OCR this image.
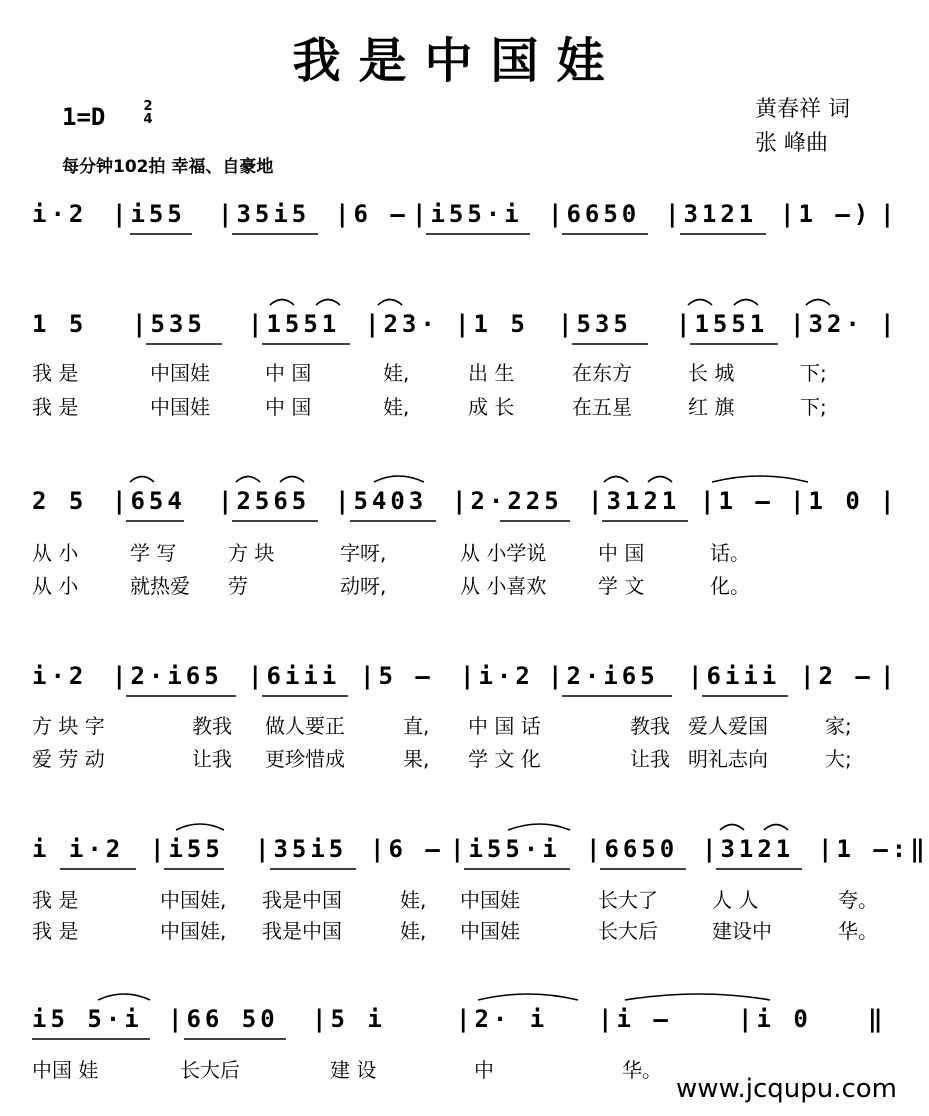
我是中国娃
1=D	2
4
每分钟102拍 幸福、自豪地
黄春祥 词
张 峰曲
i·2 |i55 |35i5 |6 – |i55·i |6650 |3121 |1 –) |
1 5 |535 |1551 |23· |1 5 |535 |1551 |32· |
我 是	中国娃	中 国	娃,	出 生	在东方	长 城	下;
我 是	中国娃	中 国	娃,	成 长	在五星	红 旗	下;
2 5 |654 |2565 |5403 |2·225 |3121 |1 – |1 0 |
从 小	学 写	方 块	字呀,	从 小学说	中 国	话。
从 小	就热爱 劳	动呀,	从 小喜欢	学 文	化。
i·2 |2·i65 |6iii |5 – |i·2 |2·i65 |6iii |2 – |
方 块 字	教我 做人要正	直, 中 国 话	教我 爱人爱国	家;
爱 劳 动	让我 更珍惜成	果, 学 文 化	让我 明礼志向	大;
i i·2 |i55 |35i5 |6 – |i55·i |6650 |3121 |1 –:‖
我 是	中国娃, 我是中国	娃, 中国娃	长大了	人 人	夸。
我 是	中国娃, 我是中国	娃, 中国娃	长大后	建设中	华。
i5 5·i |66 50 |5 i	|2· i |i –	|i 0 ‖
中国 娃	长大后	建 设	中	华。
www.jcqupu.com
